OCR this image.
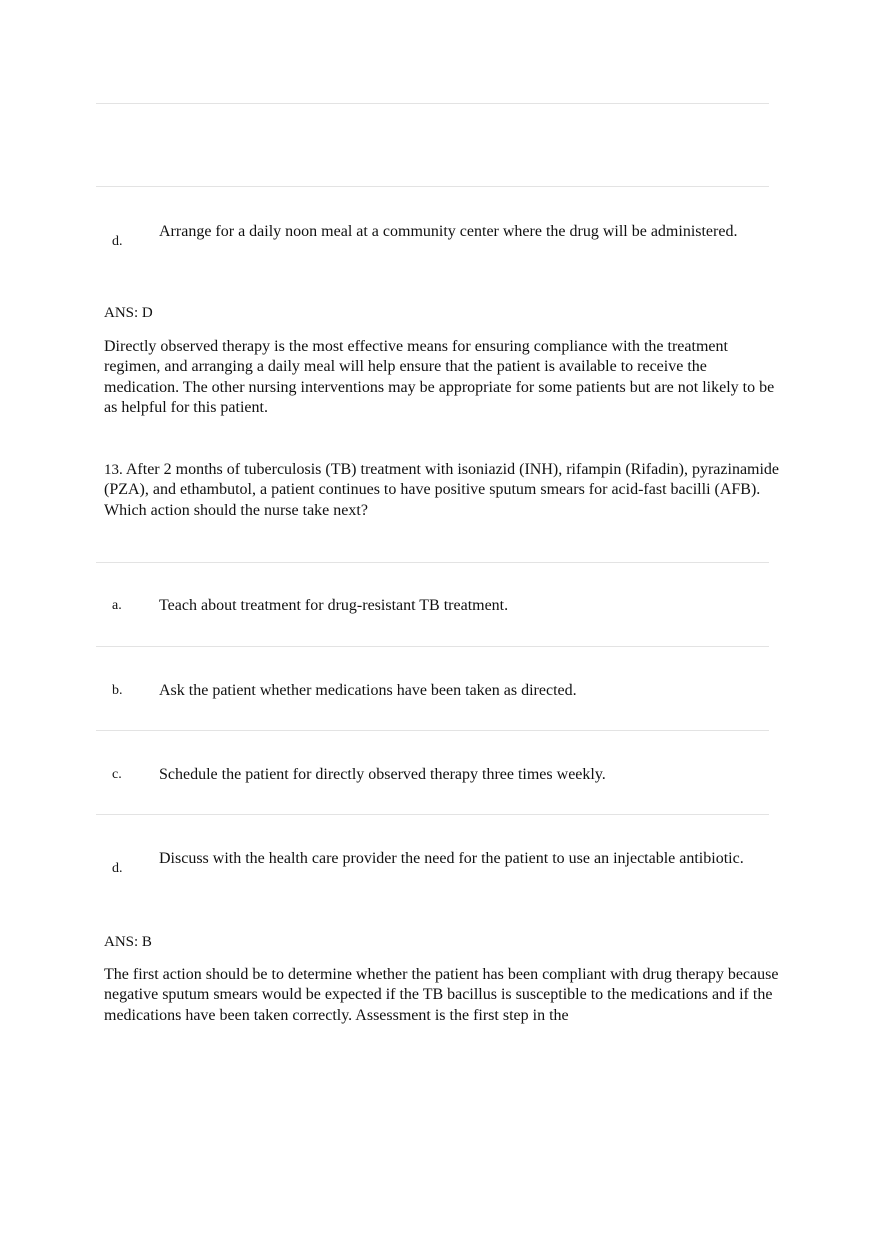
d.
Arrange for a daily noon meal at a community center where the drug will be administered.
ANS: D

Directly observed therapy is the most effective means for ensuring compliance with the treatment regimen, and arranging a daily meal will help ensure that the patient is available to receive the medication. The other nursing interventions may be appropriate for some patients but are not likely to be as helpful for this patient.

13. After 2 months of tuberculosis (TB) treatment with isoniazid (INH), rifampin (Rifadin), pyrazinamide (PZA), and ethambutol, a patient continues to have positive sputum smears for acid-fast bacilli (AFB). Which action should the nurse take next?

a. Teach about treatment for drug-resistant TB treatment.
b. Ask the patient whether medications have been taken as directed.
c. Schedule the patient for directly observed therapy three times weekly.
d.
Discuss with the health care provider the need for the patient to use an injectable antibiotic.
ANS: B

The first action should be to determine whether the patient has been compliant with drug therapy because negative sputum smears would be expected if the TB bacillus is susceptible to the medications and if the medications have been taken correctly. Assessment is the first step in the
